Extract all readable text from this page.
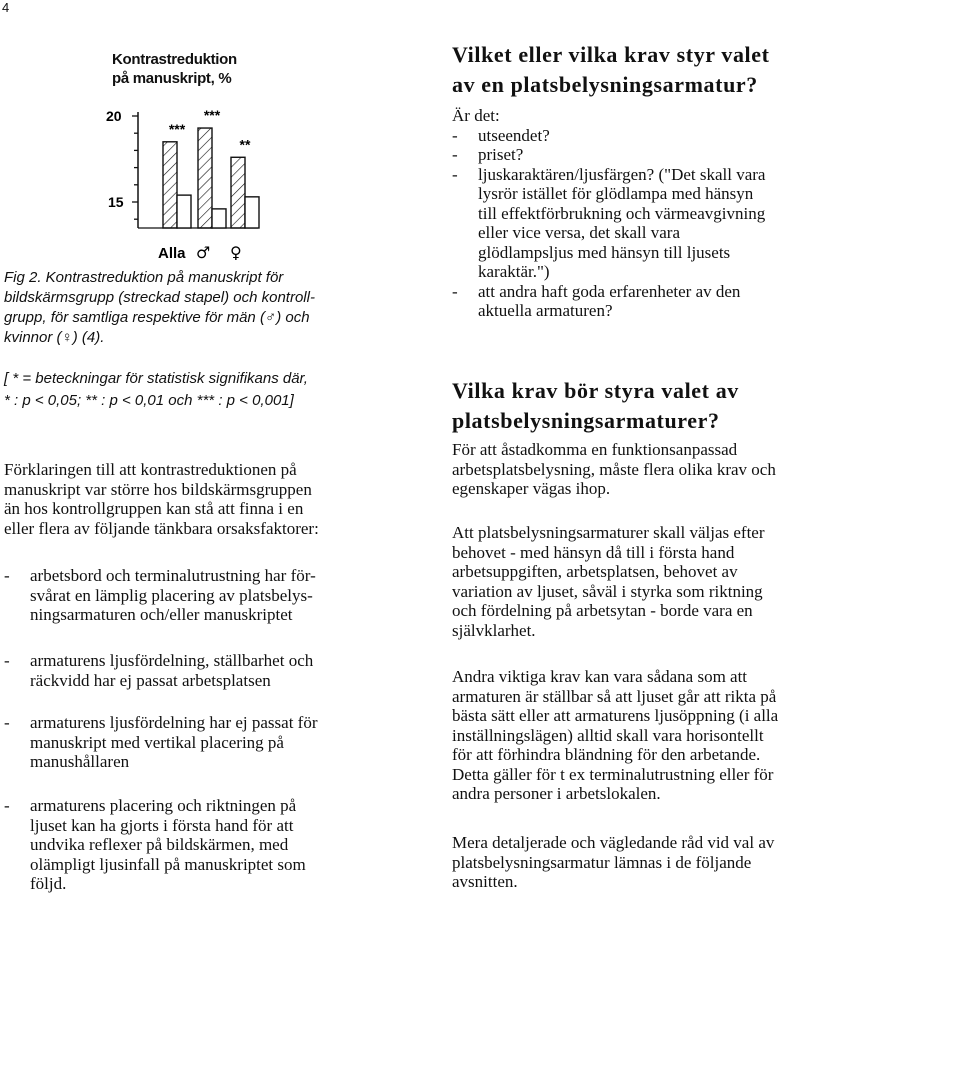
4
Kontrastreduktion
på manuskript, %
***
***
**
20
15
Alla ♂ ♀

Fig 2. Kontrastreduktion på manuskript för

bildskärmsgrupp (streckad stapel) och kontroll-

grupp, för samtliga respektive för män (♂) och

kvinnor (♀) (4).

[ * = beteckningar för statistisk signifikans där,

* : p < 0,05; ** : p < 0,01 och *** : p < 0,001]

Förklaringen till att kontrastreduktionen på

manuskript var större hos bildskärmsgruppen

än hos kontrollgruppen kan stå att finna i en

eller flera av följande tänkbara orsaksfaktorer:

- arbetsbord och terminalutrustning har för-
svårat en lämplig placering av platsbelys-
ningsarmaturen och/eller manuskriptet
- armaturens ljusfördelning, ställbarhet och
räckvidd har ej passat arbetsplatsen
- armaturens ljusfördelning har ej passat för
manuskript med vertikal placering på
manushållaren
- armaturens placering och riktningen på
ljuset kan ha gjorts i första hand för att
undvika reflexer på bildskärmen, med
olämpligt ljusinfall på manuskriptet som
följd.
Vilket eller vilka krav styr valet
av en platsbelysningsarmatur?
Är det:
- utseendet?
- priset?
- ljuskaraktären/ljusfärgen? ("Det skall vara
lysrör istället för glödlampa med hänsyn
till effektförbrukning och värmeavgivning
eller vice versa, det skall vara
glödlampsljus med hänsyn till ljusets
karaktär.")
- att andra haft goda erfarenheter av den
aktuella armaturen?
Vilka krav bör styra valet av
platsbelysningsarmaturer?

För att åstadkomma en funktionsanpassad

arbetsplatsbelysning, måste flera olika krav och

egenskaper vägas ihop.

Att platsbelysningsarmaturer skall väljas efter

behovet - med hänsyn då till i första hand

arbetsuppgiften, arbetsplatsen, behovet av

variation av ljuset, såväl i styrka som riktning

och fördelning på arbetsytan - borde vara en

självklarhet.

Andra viktiga krav kan vara sådana som att

armaturen är ställbar så att ljuset går att rikta på

bästa sätt eller att armaturens ljusöppning (i alla

inställningslägen) alltid skall vara horisontellt

för att förhindra bländning för den arbetande.

Detta gäller för t ex terminalutrustning eller för

andra personer i arbetslokalen.

Mera detaljerade och vägledande råd vid val av

platsbelysningsarmatur lämnas i de följande

avsnitten.
